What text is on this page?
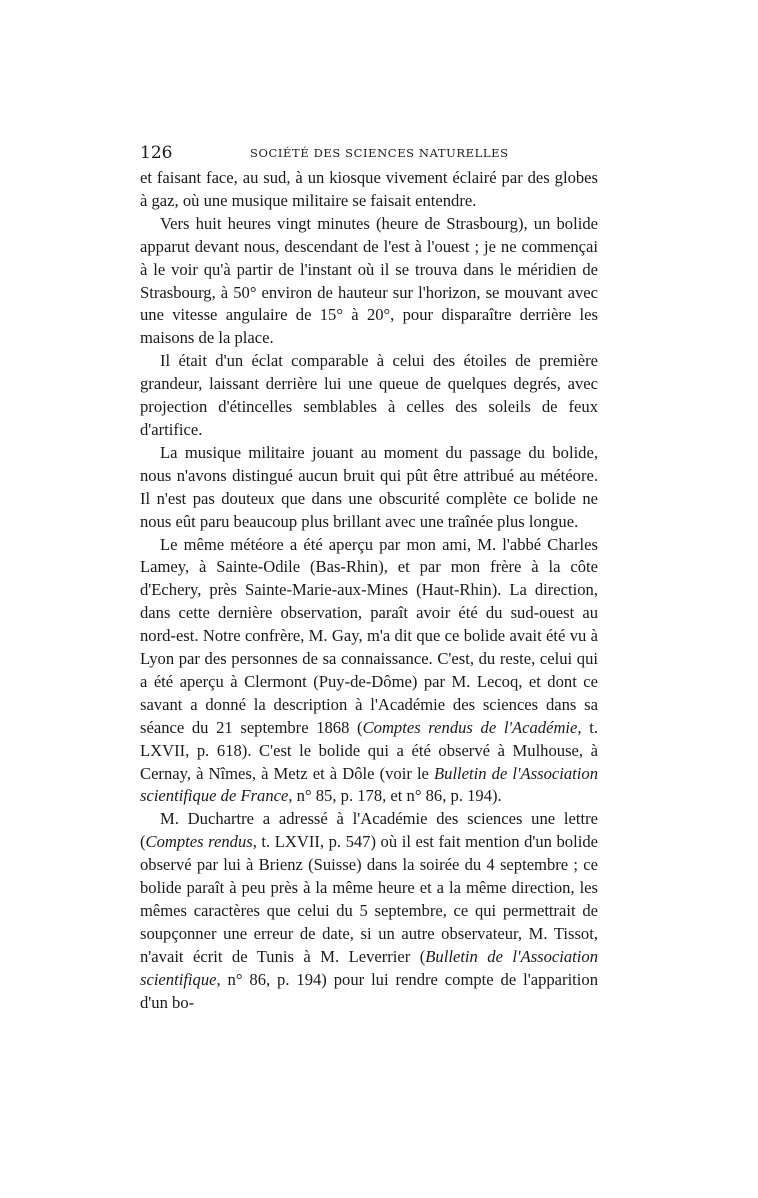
126	SOCIÉTÉ DES SCIENCES NATURELLES

et faisant face, au sud, à un kiosque vivement éclairé par des globes à gaz, où une musique militaire se faisait entendre.

Vers huit heures vingt minutes (heure de Strasbourg), un bolide apparut devant nous, descendant de l'est à l'ouest ; je ne commençai à le voir qu'à partir de l'instant où il se trouva dans le méridien de Strasbourg, à 50° environ de hauteur sur l'horizon, se mouvant avec une vitesse angulaire de 15° à 20°, pour disparaître derrière les maisons de la place.

Il était d'un éclat comparable à celui des étoiles de première grandeur, laissant derrière lui une queue de quelques degrés, avec projection d'étincelles semblables à celles des soleils de feux d'artifice.

La musique militaire jouant au moment du passage du bolide, nous n'avons distingué aucun bruit qui pût être attribué au météore. Il n'est pas douteux que dans une obscurité complète ce bolide ne nous eût paru beaucoup plus brillant avec une traînée plus longue.

Le même météore a été aperçu par mon ami, M. l'abbé Charles Lamey, à Sainte-Odile (Bas-Rhin), et par mon frère à la côte d'Echery, près Sainte-Marie-aux-Mines (Haut-Rhin). La direction, dans cette dernière observation, paraît avoir été du sud-ouest au nord-est. Notre confrère, M. Gay, m'a dit que ce bolide avait été vu à Lyon par des personnes de sa connaissance. C'est, du reste, celui qui a été aperçu à Clermont (Puy-de-Dôme) par M. Lecoq, et dont ce savant a donné la description à l'Académie des sciences dans sa séance du 21 septembre 1868 (Comptes rendus de l'Académie, t. LXVII, p. 618). C'est le bolide qui a été observé à Mulhouse, à Cernay, à Nîmes, à Metz et à Dôle (voir le Bulletin de l'Association scientifique de France, n° 85, p. 178, et n° 86, p. 194).

M. Duchartre a adressé à l'Académie des sciences une lettre (Comptes rendus, t. LXVII, p. 547) où il est fait mention d'un bolide observé par lui à Brienz (Suisse) dans la soirée du 4 septembre ; ce bolide paraît à peu près à la même heure et a la même direction, les mêmes caractères que celui du 5 septembre, ce qui permettrait de soupçonner une erreur de date, si un autre observateur, M. Tissot, n'avait écrit de Tunis à M. Leverrier (Bulletin de l'Association scientifique, n° 86, p. 194) pour lui rendre compte de l'apparition d'un bo-
